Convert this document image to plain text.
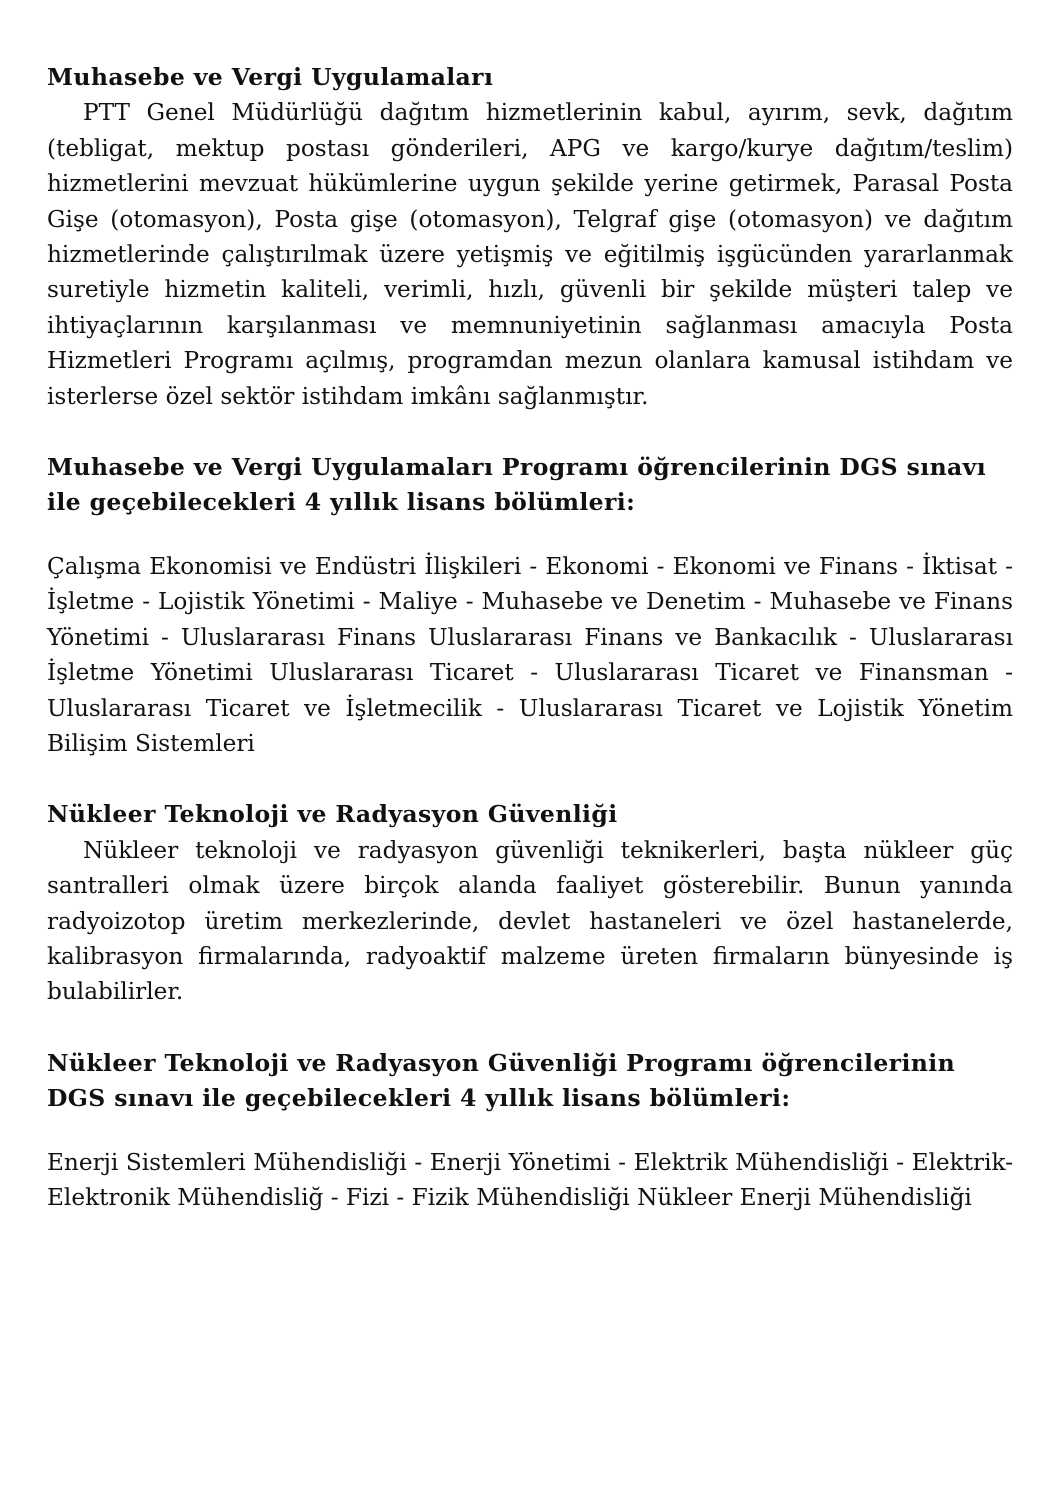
Muhasebe ve Vergi Uygulamaları

PTT Genel Müdürlüğü dağıtım hizmetlerinin kabul, ayırım, sevk, dağıtım (tebligat, mektup postası gönderileri, APG ve kargo/kurye dağıtım/teslim) hizmetlerini mevzuat hükümlerine uygun şekilde yerine getirmek, Parasal Posta Gişe (otomasyon), Posta gişe (otomasyon), Telgraf gişe (otomasyon) ve dağıtım hizmetlerinde çalıştırılmak üzere yetişmiş ve eğitilmiş işgücünden yararlanmak suretiyle hizmetin kaliteli, verimli, hızlı, güvenli bir şekilde müşteri talep ve ihtiyaçlarının karşılanması ve memnuniyetinin sağlanması amacıyla Posta Hizmetleri Programı açılmış, programdan mezun olanlara kamusal istihdam ve isterlerse özel sektör istihdam imkânı sağlanmıştır.

Muhasebe ve Vergi Uygulamaları Programı öğrencilerinin DGS sınavı ile geçebilecekleri 4 yıllık lisans bölümleri:

Çalışma Ekonomisi ve Endüstri İlişkileri - Ekonomi - Ekonomi ve Finans - İktisat - İşletme - Lojistik Yönetimi - Maliye - Muhasebe ve Denetim - Muhasebe ve Finans Yönetimi - Uluslararası Finans Uluslararası Finans ve Bankacılık - Uluslararası İşletme Yönetimi Uluslararası Ticaret - Uluslararası Ticaret ve Finansman - Uluslararası Ticaret ve İşletmecilik - Uluslararası Ticaret ve Lojistik Yönetim Bilişim Sistemleri

Nükleer Teknoloji ve Radyasyon Güvenliği

Nükleer teknoloji ve radyasyon güvenliği teknikerleri, başta nükleer güç santralleri olmak üzere birçok alanda faaliyet gösterebilir. Bunun yanında radyoizotop üretim merkezlerinde, devlet hastaneleri ve özel hastanelerde, kalibrasyon firmalarında, radyoaktif malzeme üreten firmaların bünyesinde iş bulabilirler.

Nükleer Teknoloji ve Radyasyon Güvenliği Programı öğrencilerinin DGS sınavı ile geçebilecekleri 4 yıllık lisans bölümleri:

Enerji Sistemleri Mühendisliği - Enerji Yönetimi - Elektrik Mühendisliği - Elektrik-Elektronik Mühendisliğ - Fizi - Fizik Mühendisliği Nükleer Enerji Mühendisliği
